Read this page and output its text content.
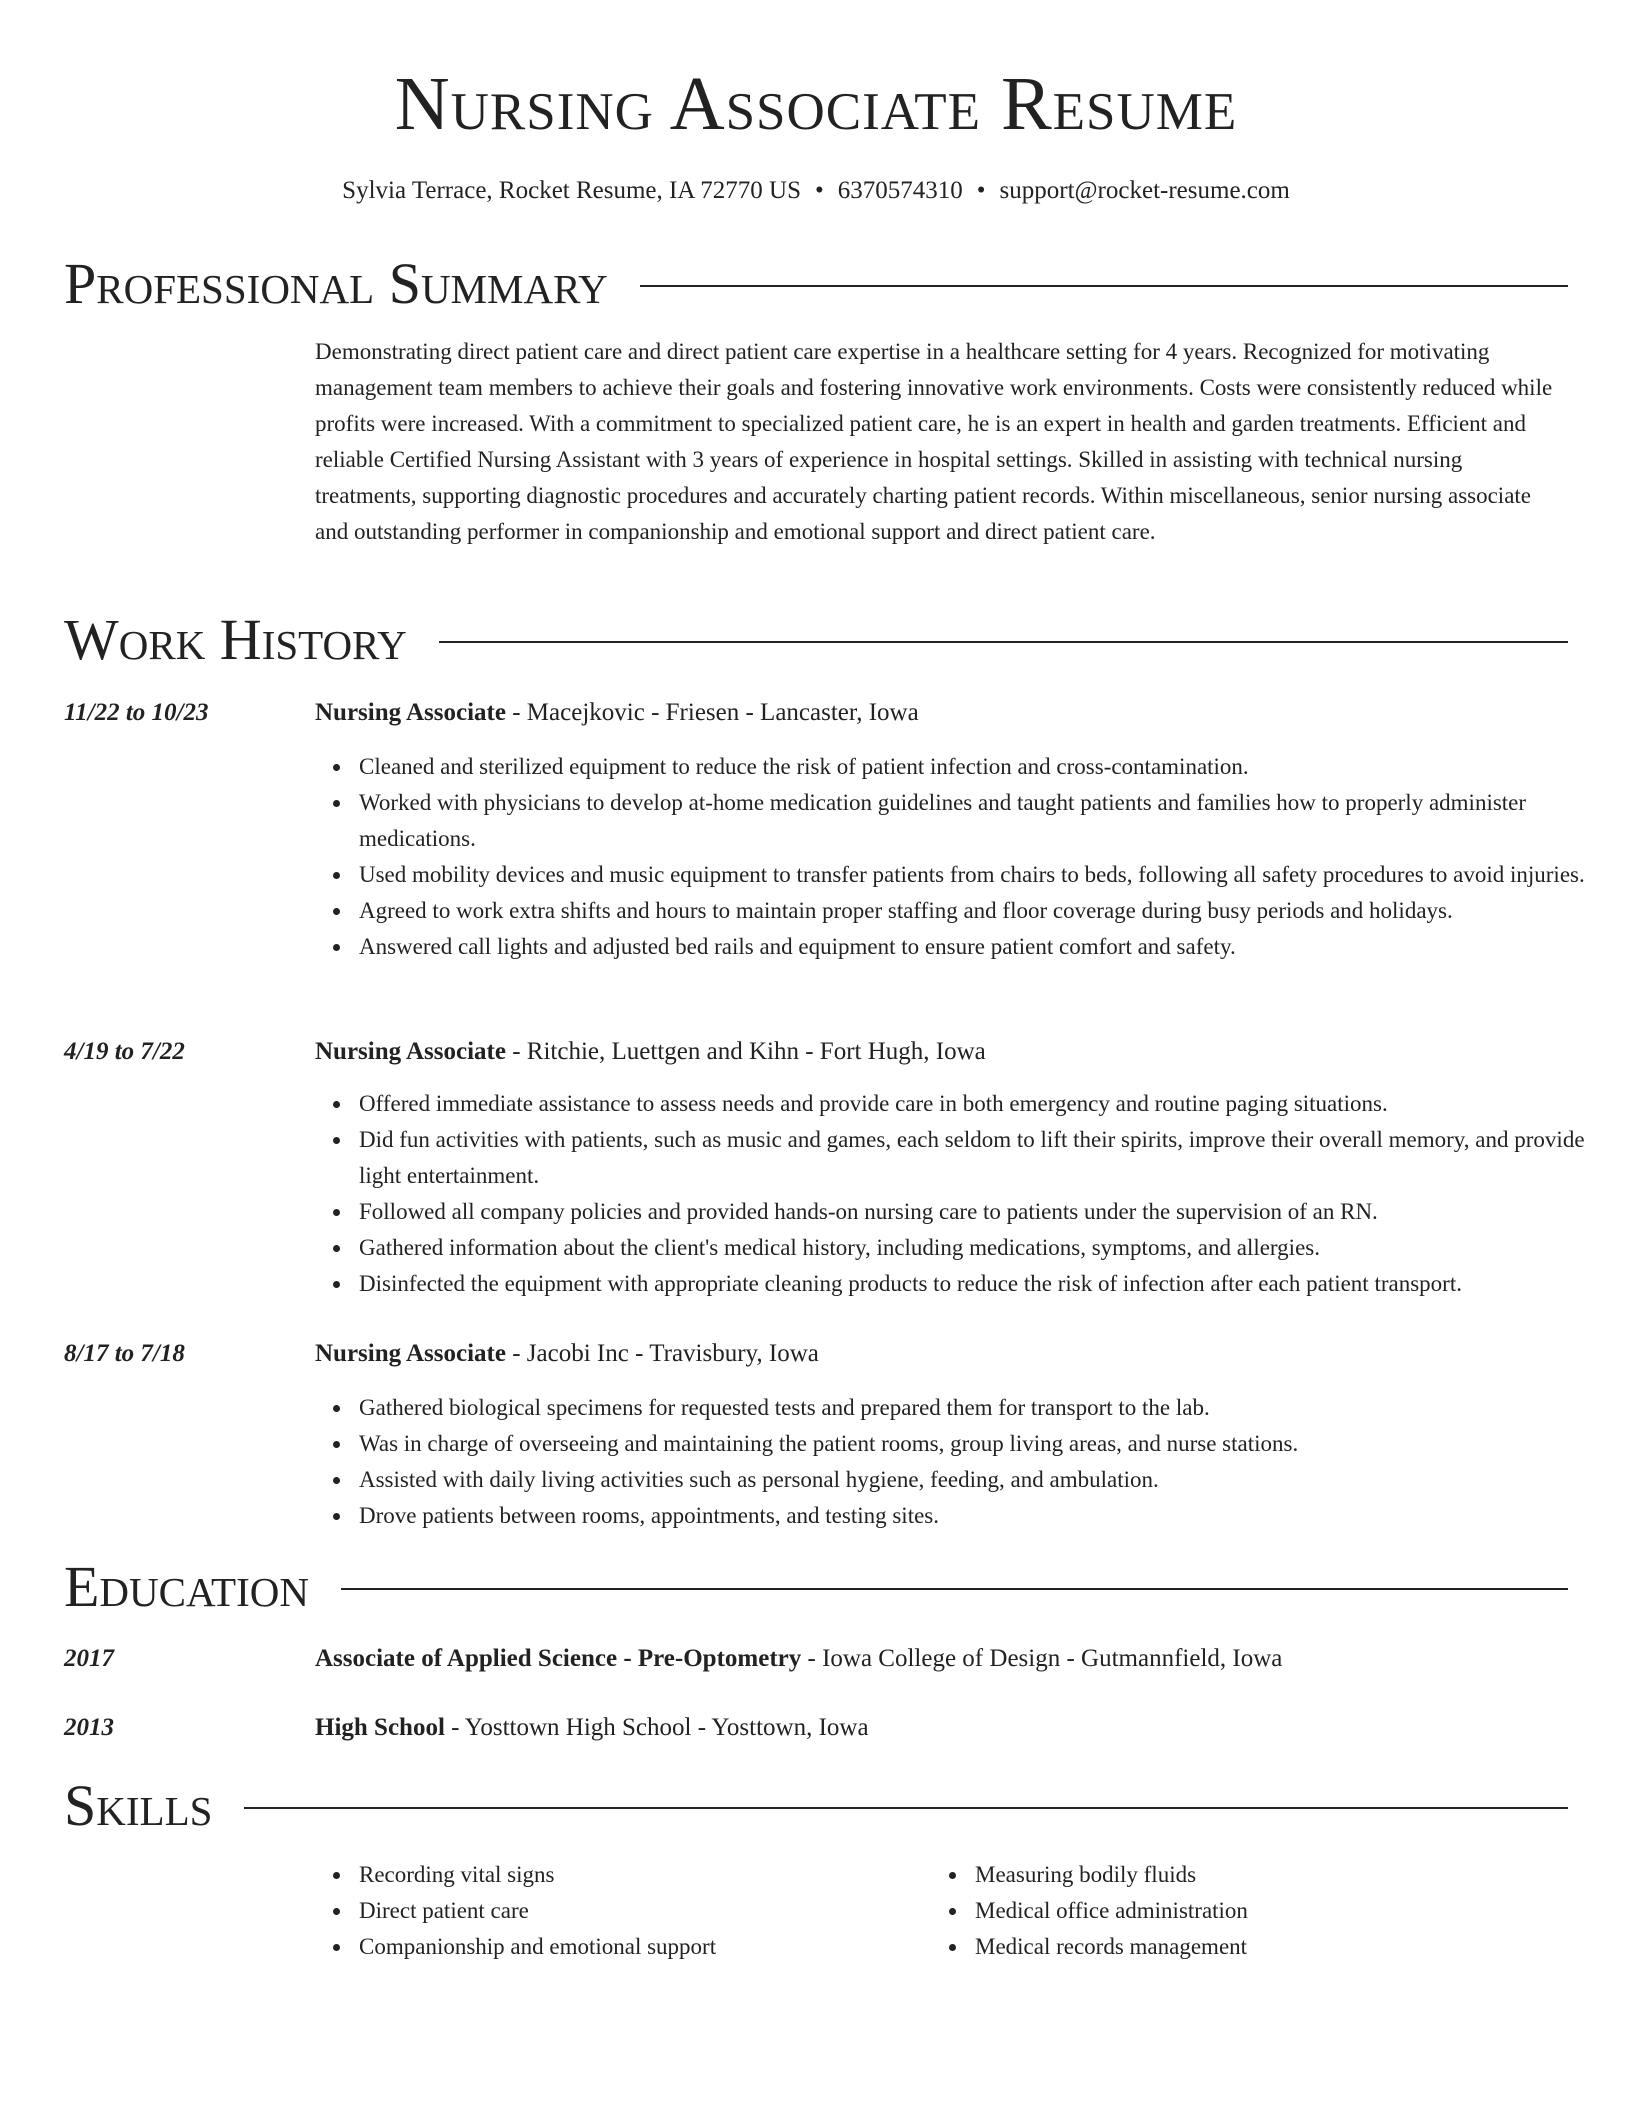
Nursing Associate Resume
Sylvia Terrace, Rocket Resume, IA 72770 US • 6370574310 • support@rocket-resume.com
Professional Summary
Demonstrating direct patient care and direct patient care expertise in a healthcare setting for 4 years. Recognized for motivating management team members to achieve their goals and fostering innovative work environments. Costs were consistently reduced while profits were increased. With a commitment to specialized patient care, he is an expert in health and garden treatments. Efficient and reliable Certified Nursing Assistant with 3 years of experience in hospital settings. Skilled in assisting with technical nursing treatments, supporting diagnostic procedures and accurately charting patient records. Within miscellaneous, senior nursing associate and outstanding performer in companionship and emotional support and direct patient care.
Work History
11/22 to 10/23	Nursing Associate - Macejkovic - Friesen - Lancaster, Iowa
Cleaned and sterilized equipment to reduce the risk of patient infection and cross-contamination.
Worked with physicians to develop at-home medication guidelines and taught patients and families how to properly administer medications.
Used mobility devices and music equipment to transfer patients from chairs to beds, following all safety procedures to avoid injuries.
Agreed to work extra shifts and hours to maintain proper staffing and floor coverage during busy periods and holidays.
Answered call lights and adjusted bed rails and equipment to ensure patient comfort and safety.
4/19 to 7/22	Nursing Associate - Ritchie, Luettgen and Kihn - Fort Hugh, Iowa
Offered immediate assistance to assess needs and provide care in both emergency and routine paging situations.
Did fun activities with patients, such as music and games, each seldom to lift their spirits, improve their overall memory, and provide light entertainment.
Followed all company policies and provided hands-on nursing care to patients under the supervision of an RN.
Gathered information about the client's medical history, including medications, symptoms, and allergies.
Disinfected the equipment with appropriate cleaning products to reduce the risk of infection after each patient transport.
8/17 to 7/18	Nursing Associate - Jacobi Inc - Travisbury, Iowa
Gathered biological specimens for requested tests and prepared them for transport to the lab.
Was in charge of overseeing and maintaining the patient rooms, group living areas, and nurse stations.
Assisted with daily living activities such as personal hygiene, feeding, and ambulation.
Drove patients between rooms, appointments, and testing sites.
Education
2017	Associate of Applied Science - Pre-Optometry - Iowa College of Design - Gutmannfield, Iowa
2013	High School - Yosttown High School - Yosttown, Iowa
Skills
Recording vital signs
Direct patient care
Companionship and emotional support
Measuring bodily fluids
Medical office administration
Medical records management
